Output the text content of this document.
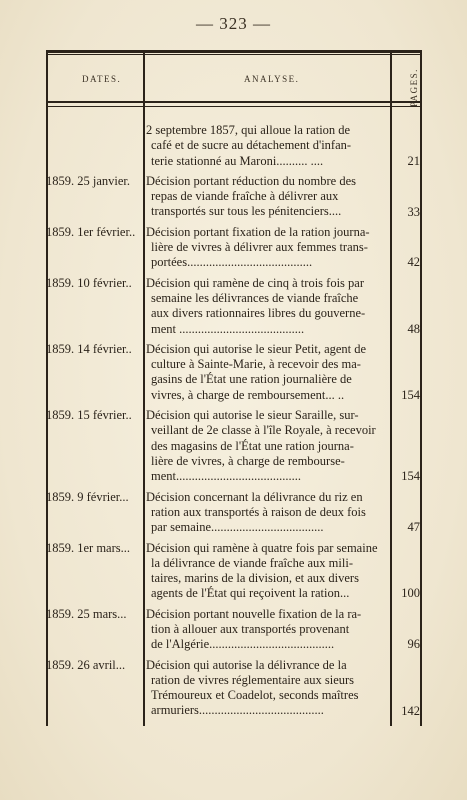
— 323 —
DATES.	ANALYSE.	PAGES.
2 septembre 1857, qui alloue la ration de
café et de sucre au détachement d'infan-
terie stationné au Maroni.......... ....	21
1859. 25 janvier.	Décision portant réduction du nombre des
repas de viande fraîche à délivrer aux
transportés sur tous les pénitenciers....	33
1859. 1er février.. Décision portant fixation de la ration journa-
lière de vivres à délivrer aux femmes trans-
portées........................................	42
1859. 10 février..	Décision qui ramène de cinq à trois fois par
semaine les délivrances de viande fraîche
aux divers rationnaires libres du gouverne-
ment ........................................	48
1859. 14 février..	Décision qui autorise le sieur Petit, agent de
culture à Sainte-Marie, à recevoir des ma-
gasins de l'État une ration journalière de
vivres, à charge de remboursement... ..	154
1859. 15 février..	Décision qui autorise le sieur Saraille, sur-
veillant de 2e classe à l'île Royale, à recevoir
des magasins de l'État une ration journa-
lière de vivres, à charge de rembourse-
ment........................................	154
1859. 9 février...	Décision concernant la délivrance du riz en
ration aux transportés à raison de deux fois
par semaine....................................	47
1859. 1er mars...	Décision qui ramène à quatre fois par semaine
la délivrance de viande fraîche aux mili-
taires, marins de la division, et aux divers
agents de l'État qui reçoivent la ration...	100
1859. 25 mars...	Décision portant nouvelle fixation de la ra-
tion à allouer aux transportés provenant
de l'Algérie........................................	96
1859. 26 avril...	Décision qui autorise la délivrance de la
ration de vivres réglementaire aux sieurs
Trémoureux et Coadelot, seconds maîtres
armuriers........................................	142
